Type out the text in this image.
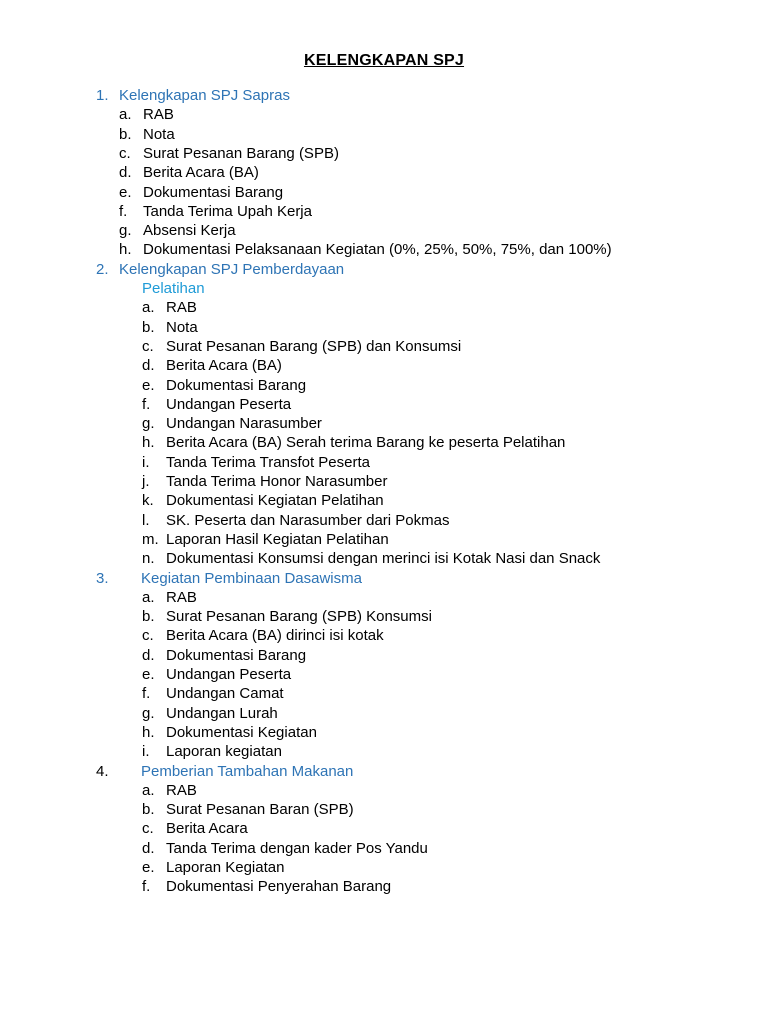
KELENGKAPAN SPJ
1. Kelengkapan SPJ Sapras
a. RAB
b. Nota
c. Surat Pesanan Barang (SPB)
d. Berita Acara (BA)
e. Dokumentasi Barang
f. Tanda Terima Upah Kerja
g. Absensi Kerja
h. Dokumentasi Pelaksanaan Kegiatan (0%, 25%, 50%, 75%, dan 100%)
2. Kelengkapan SPJ Pemberdayaan
Pelatihan
a. RAB
b. Nota
c. Surat Pesanan Barang (SPB) dan Konsumsi
d. Berita Acara (BA)
e. Dokumentasi Barang
f. Undangan Peserta
g. Undangan Narasumber
h. Berita Acara (BA) Serah terima Barang ke peserta Pelatihan
i. Tanda Terima Transfot Peserta
j. Tanda Terima Honor Narasumber
k. Dokumentasi Kegiatan Pelatihan
l. SK. Peserta dan Narasumber dari Pokmas
m. Laporan Hasil Kegiatan Pelatihan
n. Dokumentasi Konsumsi dengan merinci isi Kotak Nasi dan Snack
3. Kegiatan Pembinaan Dasawisma
a. RAB
b. Surat Pesanan Barang (SPB) Konsumsi
c. Berita Acara (BA) dirinci isi kotak
d. Dokumentasi Barang
e. Undangan Peserta
f. Undangan Camat
g. Undangan Lurah
h. Dokumentasi Kegiatan
i. Laporan kegiatan
4. Pemberian Tambahan Makanan
a. RAB
b. Surat Pesanan Baran (SPB)
c. Berita Acara
d. Tanda Terima dengan kader Pos Yandu
e. Laporan Kegiatan
f. Dokumentasi Penyerahan Barang
